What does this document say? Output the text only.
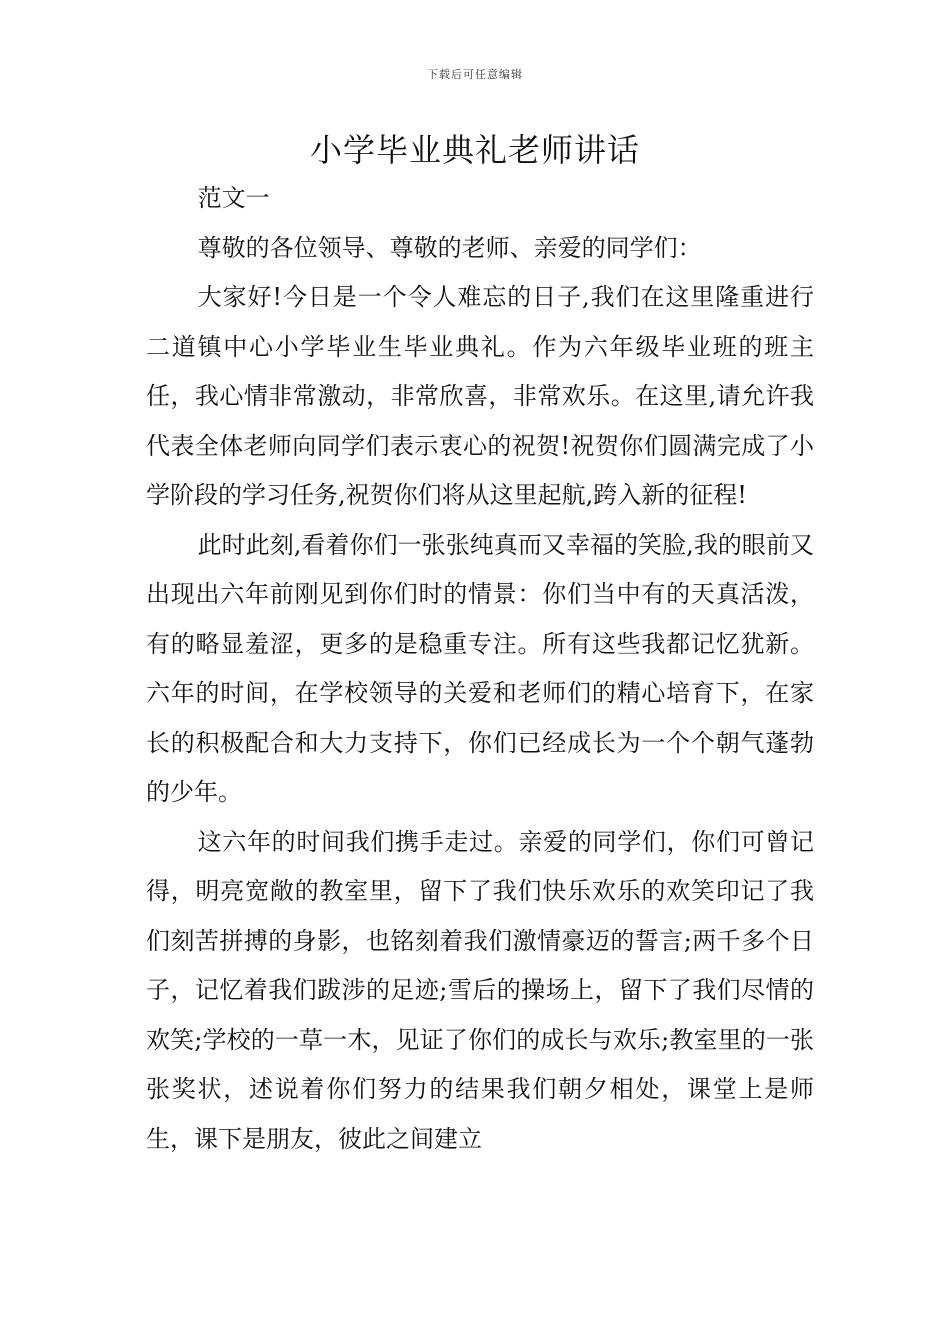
下载后可任意编辑
小学毕业典礼老师讲话

范文一

尊敬的各位领导、尊敬的老师、亲爱的同学们：

大家好!今日是一个令人难忘的日子,我们在这里隆重进行二道镇中心小学毕业生毕业典礼。作为六年级毕业班的班主任，我心情非常激动，非常欣喜，非常欢乐。在这里,请允许我代表全体老师向同学们表示衷心的祝贺!祝贺你们圆满完成了小学阶段的学习任务,祝贺你们将从这里起航,跨入新的征程!

此时此刻,看着你们一张张纯真而又幸福的笑脸,我的眼前又出现出六年前刚见到你们时的情景：你们当中有的天真活泼，有的略显羞涩，更多的是稳重专注。所有这些我都记忆犹新。六年的时间，在学校领导的关爱和老师们的精心培育下，在家长的积极配合和大力支持下，你们已经成长为一个个朝气蓬勃的少年。

这六年的时间我们携手走过。亲爱的同学们，你们可曾记得，明亮宽敞的教室里，留下了我们快乐欢乐的欢笑印记了我们刻苦拼搏的身影，也铭刻着我们激情豪迈的誓言;两千多个日子，记忆着我们跋涉的足迹;雪后的操场上，留下了我们尽情的欢笑;学校的一草一木，见证了你们的成长与欢乐;教室里的一张张奖状，述说着你们努力的结果我们朝夕相处，课堂上是师生，课下是朋友，彼此之间建立
